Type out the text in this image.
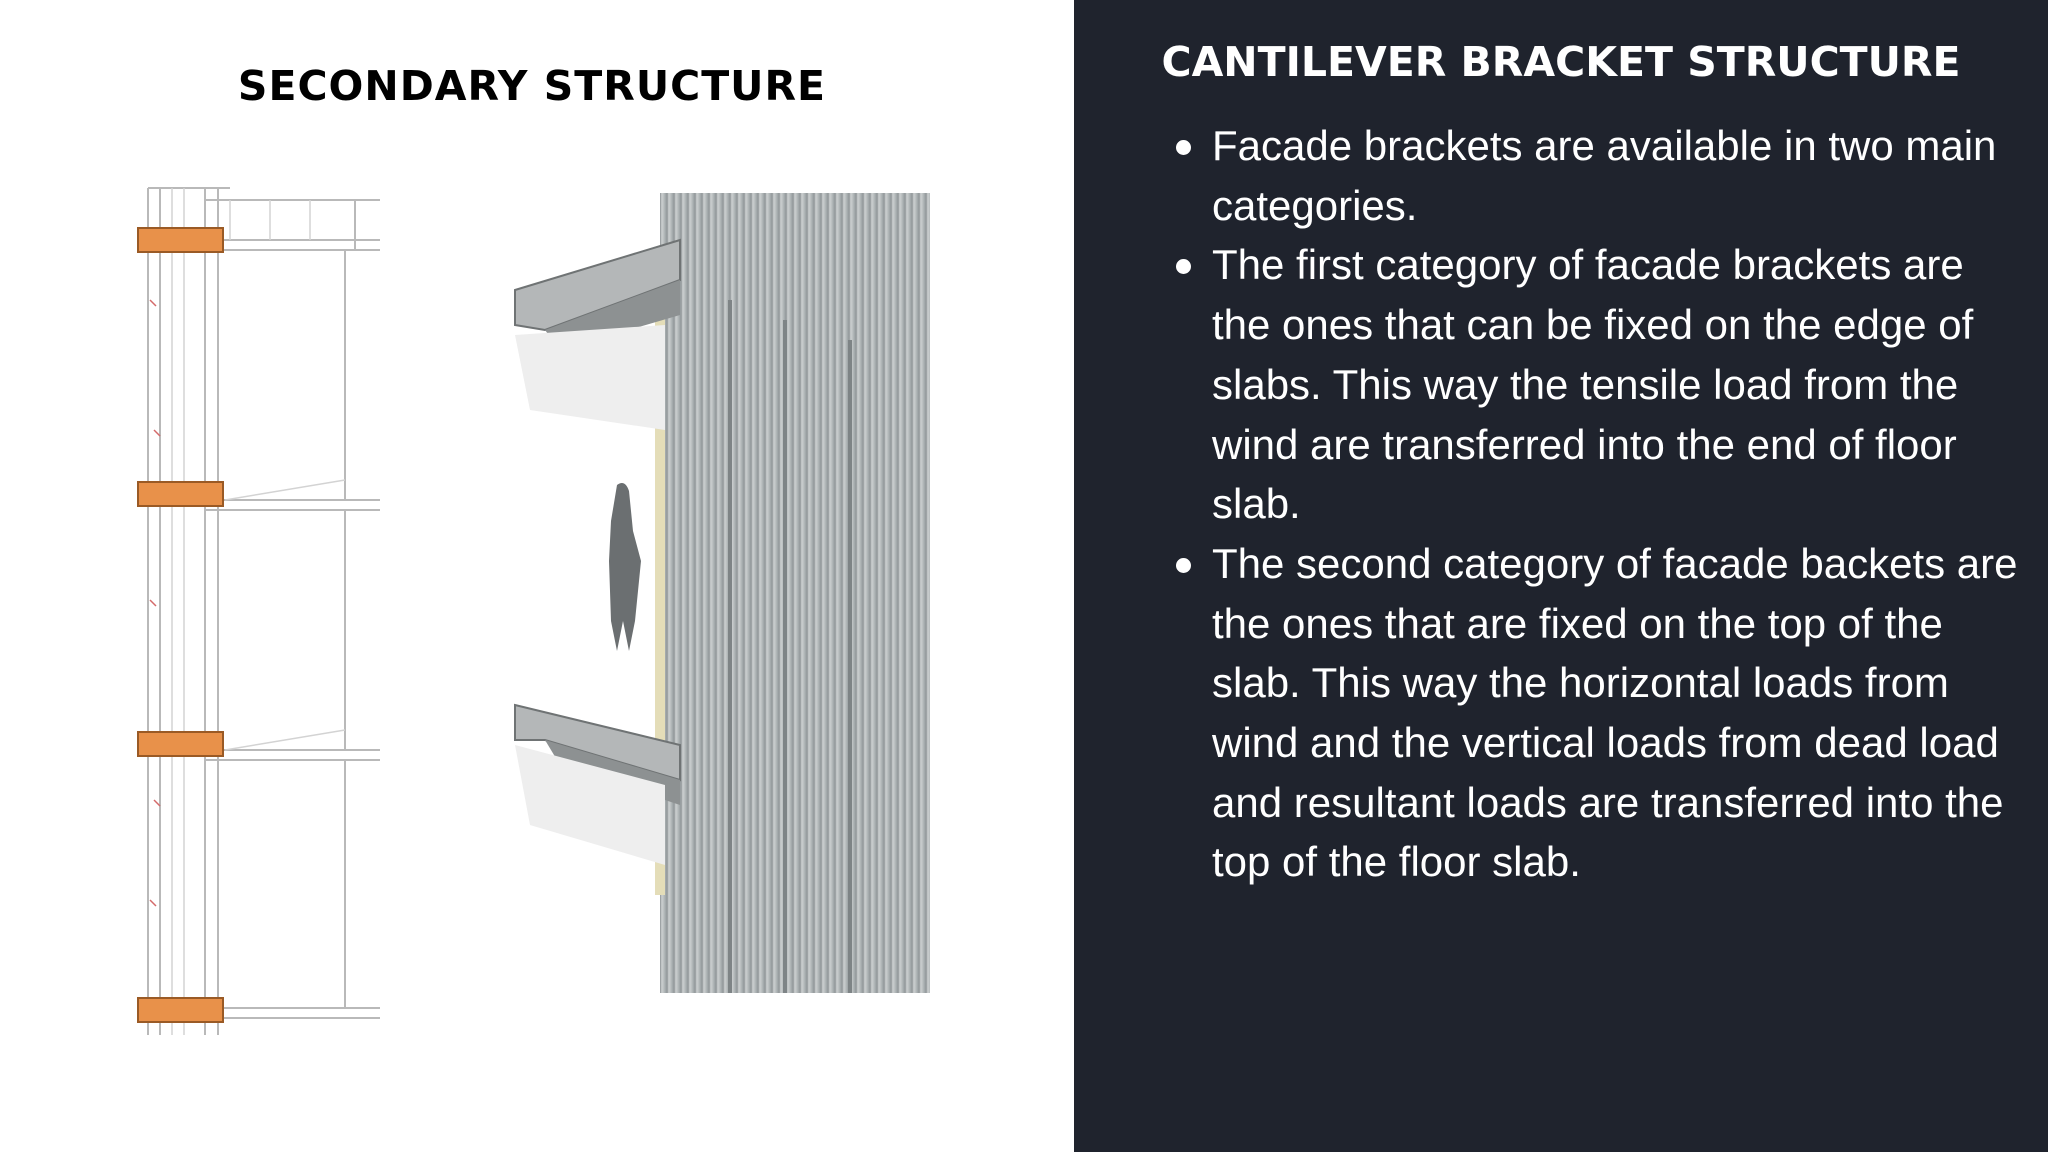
CANTILEVER BRACKET STRUCTURE
SECONDARY STRUCTURE
Facade brackets are available in two main categories.
The first category of facade brackets are the ones that can be fixed on the edge of slabs. This way the tensile load from the wind are transferred into the end of floor slab.
The second category of facade backets are the ones that are fixed on the top of the slab. This way the horizontal loads from wind and the vertical loads from dead load and resultant loads are transferred into the top of the floor slab.
